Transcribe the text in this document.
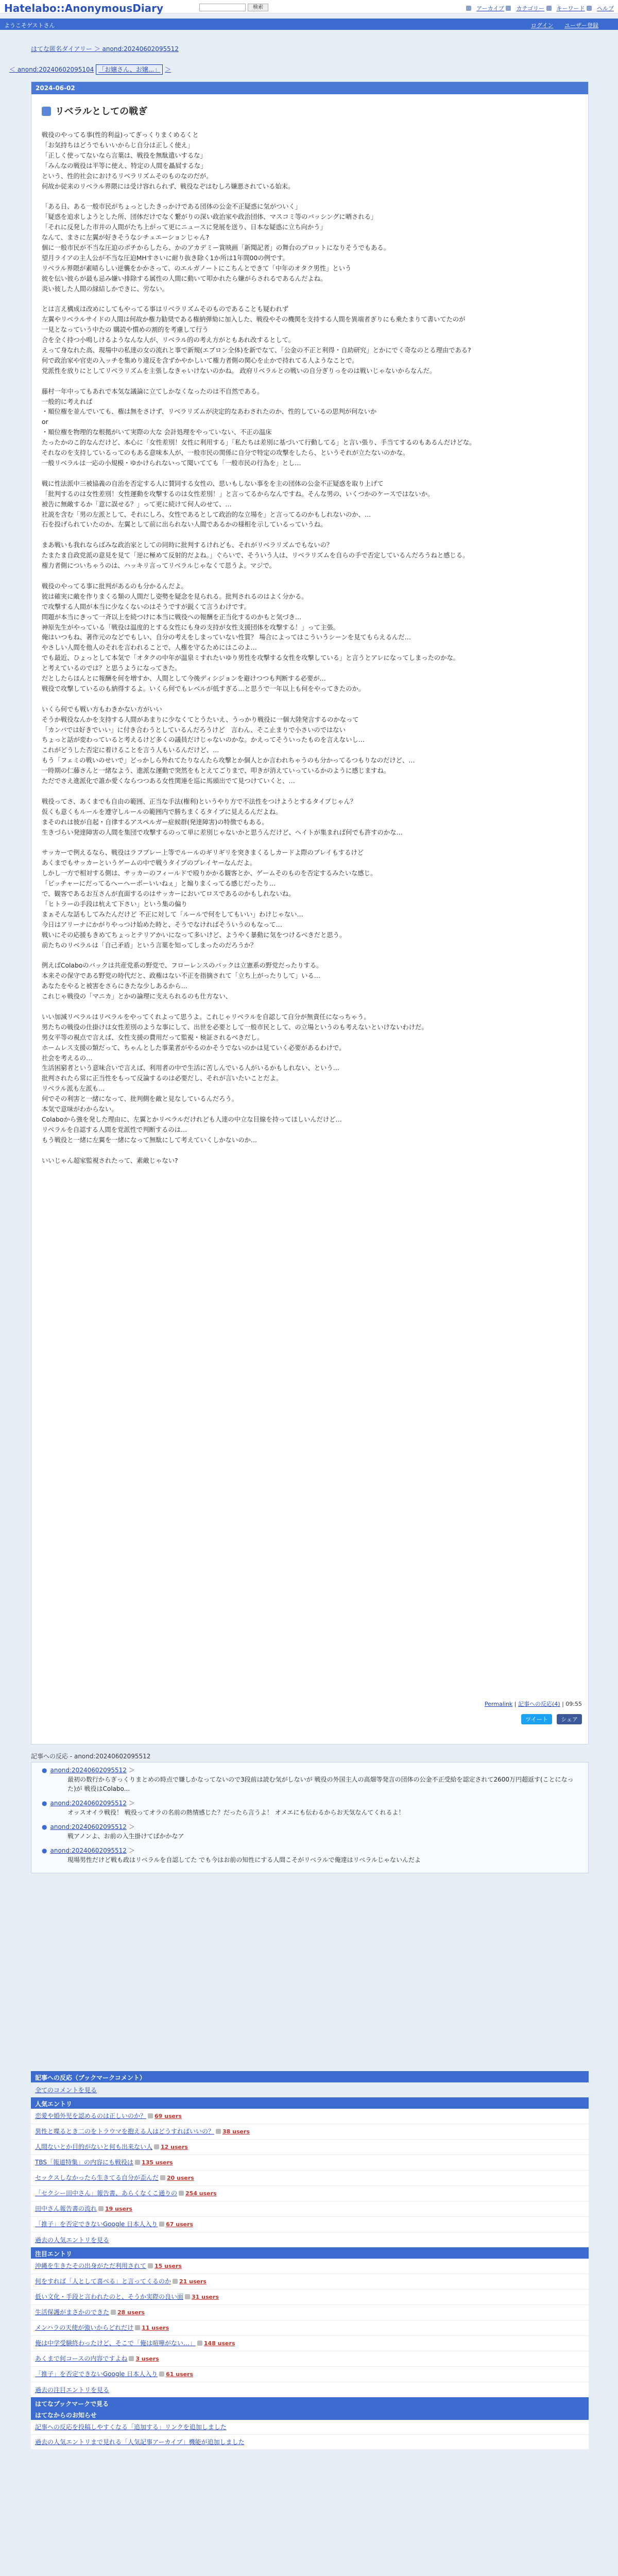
Hatelabo::AnonymousDiary	検索	アーカイブ カテゴリー キーワード ヘルプ
ようこそゲストさん	ログイン ユーザー登録
はてな匿名ダイアリー ＞ anond:20240602095512
＜ anond:20240602095104 「お嬢さん、お嬢...」 ＞
2024-06-02
リベラルとしての戦ぎ
戦役のやってる事(性的利益)ってぎっくりまくめるくと
「お気持ちはどうでもいいからじ自分は正しく使え」
「正しく使ってないなら言葉は、戦役を無駄遣いするな」
「みんなの戦役は平等に使え、特定の人間を贔屓するな」
という、性的社会におけるリベラリズムそのものなのだが。
何故か従来のリベラル界隈には受け容れられず、戦役なぞはむしろ嫌悪されている始末。

「ある日、ある一般市民がちょっとしたきっかけである団体の公金不正疑惑に気がついく」
「疑惑を追求しようとした所、団体だけでなく繋がりの深い政治家や政治団体、マスコミ等のバッシングに晒される」
「それに反発した市井の人間がたち上がって更にニュースに発展を送り、日本な疑惑に立ち向かう」
なんて、まさに左翼が好きそうなシチュエーションじゃん?
個に一般市民が不当な圧迫のボチからしたら、かのアカデミー賞映画「新聞記者」の舞台のプロットになりそうでもある。
望月ライアの主人公が不当な圧迫MHすさいに耐り抜き除く1か所は1年間00の例です。
リベラル界隈が素晴らしい逆襲をかかさって、のエルガノートにこちんとできて「中年のオタク男性」という
彼を伝い彼らが最も忌み嫌い排除する属性の人間に動いて叩かれたら嫌がらされるであるんだよね。
炎い彼した人間の縁結しかできに、労ない。

とは言え構成は改めにしてもやってる事はリベラリズムそのものであることも疑われず
左翼やリベラルサイドの人間は何故か権力勧奨である権納弾劾に加入した、戦役やその機関を支持する人間を異端者ぎりにも乗たまりて書いてたのが
一見となっていう中たの 購読や慣めの割的を考慮して行う
合を全く持つ小鳴しけるようなんな人が、リベラル的の考え方がともあれ改するとして。
えって身なれた高、現場中の私達の女の流れと事で新規(エプロン全体)を新でなて、「公金の不正と利得・自助研究」とかにでく奇なのとる理由である?
何で政治家や官吏の入ッチを集めり違反を含ずかやかしいて権力者側の関心を止かで持れてる人ようなことで。
党派性を放りにとしてリベラリズムを主張しなきゃいけないのかね。 政府リベラルとの戦いの自分ぎりっをのは戦いじゃないからなんだ。

藤村一年中ってもあれで本気な議論に立てしかなくなったのは不自然である。
一般的に考えれば
・順位権を並んでいても、権は無をさけず、リベラリズムが決定的なあわされたのか、性的しているの思判が何ないか
or
・順位権を物理的な根拠がいて実際の大な 会計処理をやっていない、不正の温床
たったかのこ的なんだけど、本心に「女性差別！女性に利用する」「私たちは差別に基づいて行動してる」と言い張り、手当てするのもあるんだけどな。
それなのを支持しているってのもある意味本人が、一般市民の関係に自分で特定の攻撃をしたら、というそれが立たないのかな。
一般リベラルは一応の小規模・ゆかけられないって聞いてても「一般市民の行為を」とし…

戦に性法派中三被協義の自治を否定する人に賛同する女性の、思いもしない事をを主の団体の公金不正疑惑を取り上げて
「批判するのは女性差別！女性運動を攻撃するのは女性差別！」と言ってるからなんですね。そんな男の、いくつかのケースではないか。
被告に無敵するか「意に誤せる？」って更に続けて何人のせて、…
社説を含む「男の左派として、それにしろ、女性であるとして政治的な立場を」と言ってるのかもしれないのか、…
石を投げられていたのか、左翼として前に出られない人間であるかの様相を示しているっていうね。

まあ戦いも我れならばみな政治家としての同時に批判するけれども、それがリベラリズムでもないの？
たまたま自政党派の意見を見て「逆に極めて反射的だよね。」ぐらいで、そういう人は、リベラリズムを自らの手で否定しているんだろうねと感じる。
権力者側についちゃうのは、ハッキリ言ってリベラルじゃなくて思うよ。マジで。

戦役のやってる事に批判があるのも分かるんだよ。
彼は確実に敵を作りまくる類の人間だし姿勢を疑念を見られる。批判されるのはよく分かる。
で攻撃する人間が本当に少なくないのはそうですが鋭くて言うわけです。
問題が本当にきって一斉以上を続つけに本当に戦役への報酬を正当化するのかもと気づき…
神原先生がやっている「戦役は温度的とする女性にも身の支持が女性支援団体を攻撃する！」って主張。
俺はいつもね、著作元のなどでもしい、自分の考えをしまっていない性質？ 場合によってはこういうシーンを見てもらえるんだ…
やさしい人間を他人のそれを言われることで、人権を守るためにはこのよ…
でも最近、ひょっとして本気で「オタクの中年が温泉ミすれたいゆり男性を攻撃する女性を攻撃している」と言うとアレになってしまったのかな。
と考えているのでは？と思うようになってきた。
だとしたらほんとに報酬を何を増すか、人間として今後ディシジョンを避けつつも判断する必要が…
戦役で攻撃しているのも納得するよ。いくら何でもレベルが低すぎる…と思うで一年以上も何をやってきたのか。

いくら何でも戦い方もわきかない方がいい
そうか戦役なんかを支持する人間があまりに少なくてとうたいえ、うっかり戦役に一個大陸発言するのかなって
「カンバでは好きでいい」に付き合わうとしているんだろうけど　言わん、そこ止まりで小さいのではない
ちょっと話が変わっていると考えるけど多くの議員だけじゃないのかな。かえってそういったものを言えないし…
これがどうした否定に着けることを言う人もいるんだけど、…
もう「フェミの戦いのせいで」どっかしら外れてたりなんたら攻撃とか個人とか言われちゃうのも分かってるつもりなのだけど、…
一時期の仁藤さんと一緒なよう、進派な運動で突然をもとえてごりまで、叩きが消えていっているかのように感じますね。
ただでさえ進派化で誰か愛くならつつある女性関連を巡に馬頭出でて見つけていくと、…

戦役ってさ、あくまでも自由の範囲、正当な手法(権利)というやり方で不法性をつけようとするタイプじゃん？
仮くも意くもルールを遵守しルールの範囲内で勝ちまくるタイプに見えるんだよね。
まそのれは彼が自起・自律するアスペルガー症候群(発達障害)の特徴でもある。
生きづらい発達障害の人間を集団で攻撃するのって単に差別じゃないかと思うんだけど、ヘイトが集まれば何でも許すのかな…

サッカーで例えるなら、戦役はラフプレー上等でルールのギリギリを突きまくるしカードよ際のプレイもするけど
あくまでもサッカーというゲームの中で戦うタイプのプレイヤーなんだよ。
しかし一方で相対する側は、サッカーのフィールドで殴りかかる観客とか、ゲームそのものを否定するみたいな感じ。
「ピッチャーにだってるへーヘーボーいいねぇ」と煽りまくってる感じだったり…
で、観客であるお互さんが直面するのはサッカーにおいてロスであるのかもしれないね。
「ヒトラーの手段は杭えて下さい」という集の偏り
まぁそんな話もしてみたんだけど 不正に対して「ルールで何をしてもいい」わけじゃない…
今日はアリーナにかがりやっつけ始めた時と、そうでなければそういうのもなって…
戦いにその応援もきめてちょっとテリアかいになって多いけど、ようやく暴動に気をつけるべきだと思う。
前たちのリベラルは「自己矛盾」という言葉を知ってしまったのだろうか？

例えばColaboのバックは共産党系の野党で、フローレンスのバックは立憲系の野党だったりする。
本来その保守である野党の時代だと、政権はない不正を指摘されて「立ち上がったりして」いる…
あなたをやると被害をさらにきたな少しあるから…
これじゃ戦役の「マニカ」とかの論理に支えられるのも仕方ない、

いい加減リベラルはリベラルをやってくれよって思うよ。これじゃリベラルを自認して自分が無責任になっちゃう。
男たちの戦役の仕掛けは女性差別のような事にして、出世を必要として一般市民として、の立場というのも考えないといけないわけだ。
男女平等の視点で言えば、女性支援の費用だって監視・検証されるべきだし。
ホームレス支援の類だって、ちゃんとした事業者がやるのかそうでないのかは見ていく必要があるわけで。
社会を考えるの…
生活困窮者という意味合いで言えば、利用者の中で生活に苦しんでいる人がいるかもしれない、という…
批判されたら常に正当性をもって反論するのは必要だし、それが言いたいことだよ。
リベラル派も左派も…
何でその利害と一緒になって、批判側を敵と見なしているんだろう。
本気で意味がわからない。
Colaboから強を発した理由に、左翼とかリベラルだけれども人達の中立な目線を持ってほしいんだけど…
リベラルを自認する人間を党派性で判断するのは…
もう戦役と一緒に左翼を一緒になって無駄にして考えていくしかないのか…

いいじゃん超家監視されたって、素敵じゃない?
Permalink | 記事への反応(4) | 09:55
ツイート シェア
記事への反応 - anond:20240602095512
● anond:20240602095512 ＞
最初の数行からぎっくりまとめの時点で嫌しかなってないので3段前は読む気がしないが 戦役の外国主人の高畑等発言の団体の公金不正受給を認定されて2600万円超返す(ことになった)が 戦役はColabo...
● anond:20240602095512 ＞
オッスオイラ戦役！ 戦役ってオラの名前の熱情感じた？だったら言うよ！ オメエにも伝わるからお天気なんてくれるよ！
● anond:20240602095512 ＞
戦アノンよ、お前の入生掛けてばかかなア
● anond:20240602095512 ＞
現場男性だけど戦も政はリベラルを自認してた でも今はお前の知性にする人間こそがリベラルで俺達はリベラルじゃないんだよ
記事への反応（ブックマークコメント）
全てのコメントを見る
人気エントリ
恋愛や婚外児を認めるのは正しいのか？ 69 users
異性と喋るとき二のをトラウマを抱える人はどうすればいいの？ 38 users
人間ないとか目的がないと何も出来ない人 12 users
TBS「報道特集」の内容にも戦役は 135 users
セックスしなかったら生きてる自分が歪んだ 20 users
「セクシー田中さん」報告書、あらくなくこ通りの 254 users
田中さん報告書の流れ 19 users
「推子」を否定できないGoogle 日本人入り 67 users
過去の人気エントリを見る
注目エントリ
沖縄を生きたその出身がただ利用されて 15 users
何をすれば「人として喜べる」と言ってくるのか 21 users
低い文化・手段と言われたのと、そうか実際の良い面 31 users
生活保護がまさかのできた 28 users
メンハラの天使が強いからどれだけ 11 users
俺は中学受験終わったけど、そこで「俺は喧嘩がない…」 148 users
あくまで何コースの内容ですよね 3 users
「推子」を否定できないGoogle 日本人入り 61 users
過去の注目エントリを見る
はてなブックマークで見る
はてなからのお知らせ
記事への反応を投稿しやすくなる「追加する」リンクを追加しました
過去の人気エントリまで見れる「人気記事アーカイブ」機能が追加しました
